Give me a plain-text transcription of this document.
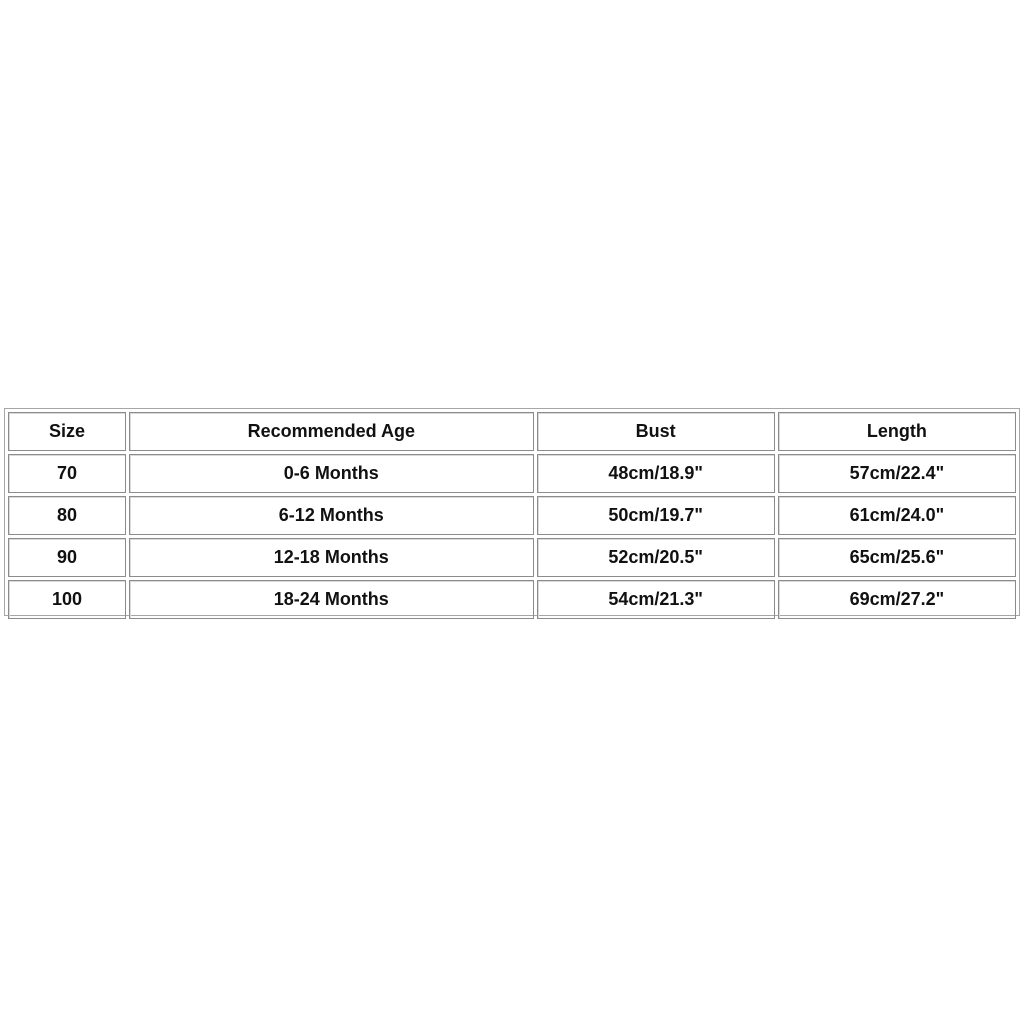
Size	Recommended Age	Bust	Length
70	0-6 Months	48cm/18.9"	57cm/22.4"
80	6-12 Months	50cm/19.7"	61cm/24.0"
90	12-18 Months	52cm/20.5"	65cm/25.6"
100	18-24 Months	54cm/21.3"	69cm/27.2"
